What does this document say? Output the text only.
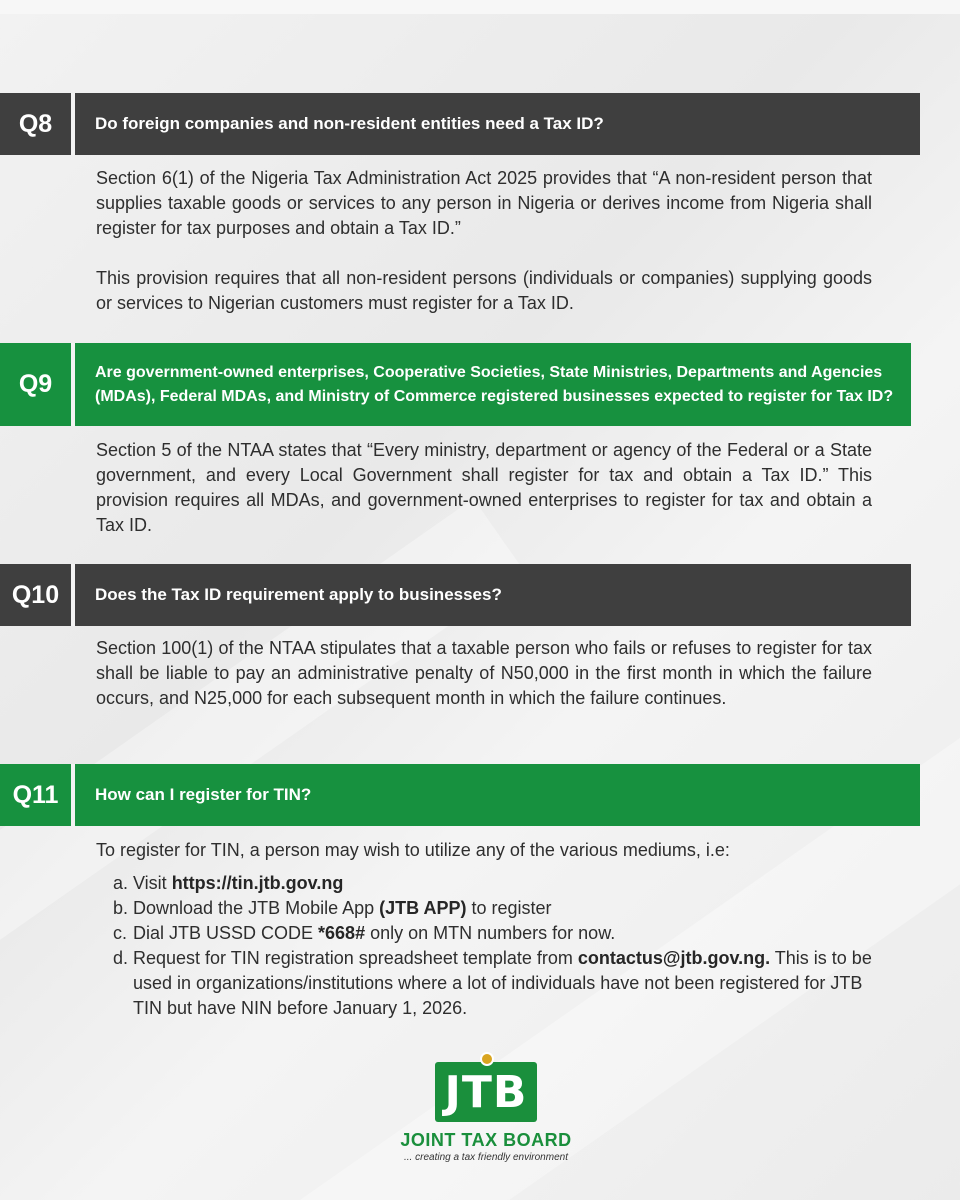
Q8	Do foreign companies and non-resident entities need a Tax ID?

Section 6(1) of the Nigeria Tax Administration Act 2025 provides that “A non-resident person that supplies taxable goods or services to any person in Nigeria or derives income from Nigeria shall register for tax purposes and obtain a Tax ID.”

This provision requires that all non-resident persons (individuals or companies) supplying goods or services to Nigerian customers must register for a Tax ID.

Q9	Are government-owned enterprises, Cooperative Societies, State Ministries, Departments and Agencies (MDAs), Federal MDAs, and Ministry of Commerce registered businesses expected to register for Tax ID?

Section 5 of the NTAA states that “Every ministry, department or agency of the Federal or a State government, and every Local Government shall register for tax and obtain a Tax ID.” This provision requires all MDAs, and government-owned enterprises to register for tax and obtain a Tax ID.

Q10	Does the Tax ID requirement apply to businesses?

Section 100(1) of the NTAA stipulates that a taxable person who fails or refuses to register for tax shall be liable to pay an administrative penalty of N50,000 in the first month in which the failure occurs, and N25,000 for each subsequent month in which the failure continues.

Q11	How can I register for TIN?
To register for TIN, a person may wish to utilize any of the various mediums, i.e:
a. Visit https://tin.jtb.gov.ng
b. Download the JTB Mobile App (JTB APP) to register
c. Dial JTB USSD CODE *668# only on MTN numbers for now.
d. Request for TIN registration spreadsheet template from contactus@jtb.gov.ng. This is to be used in organizations/institutions where a lot of individuals have not been registered for JTB TIN but have NIN before January 1, 2026.
JTB
JOINT TAX BOARD
... creating a tax friendly environment
